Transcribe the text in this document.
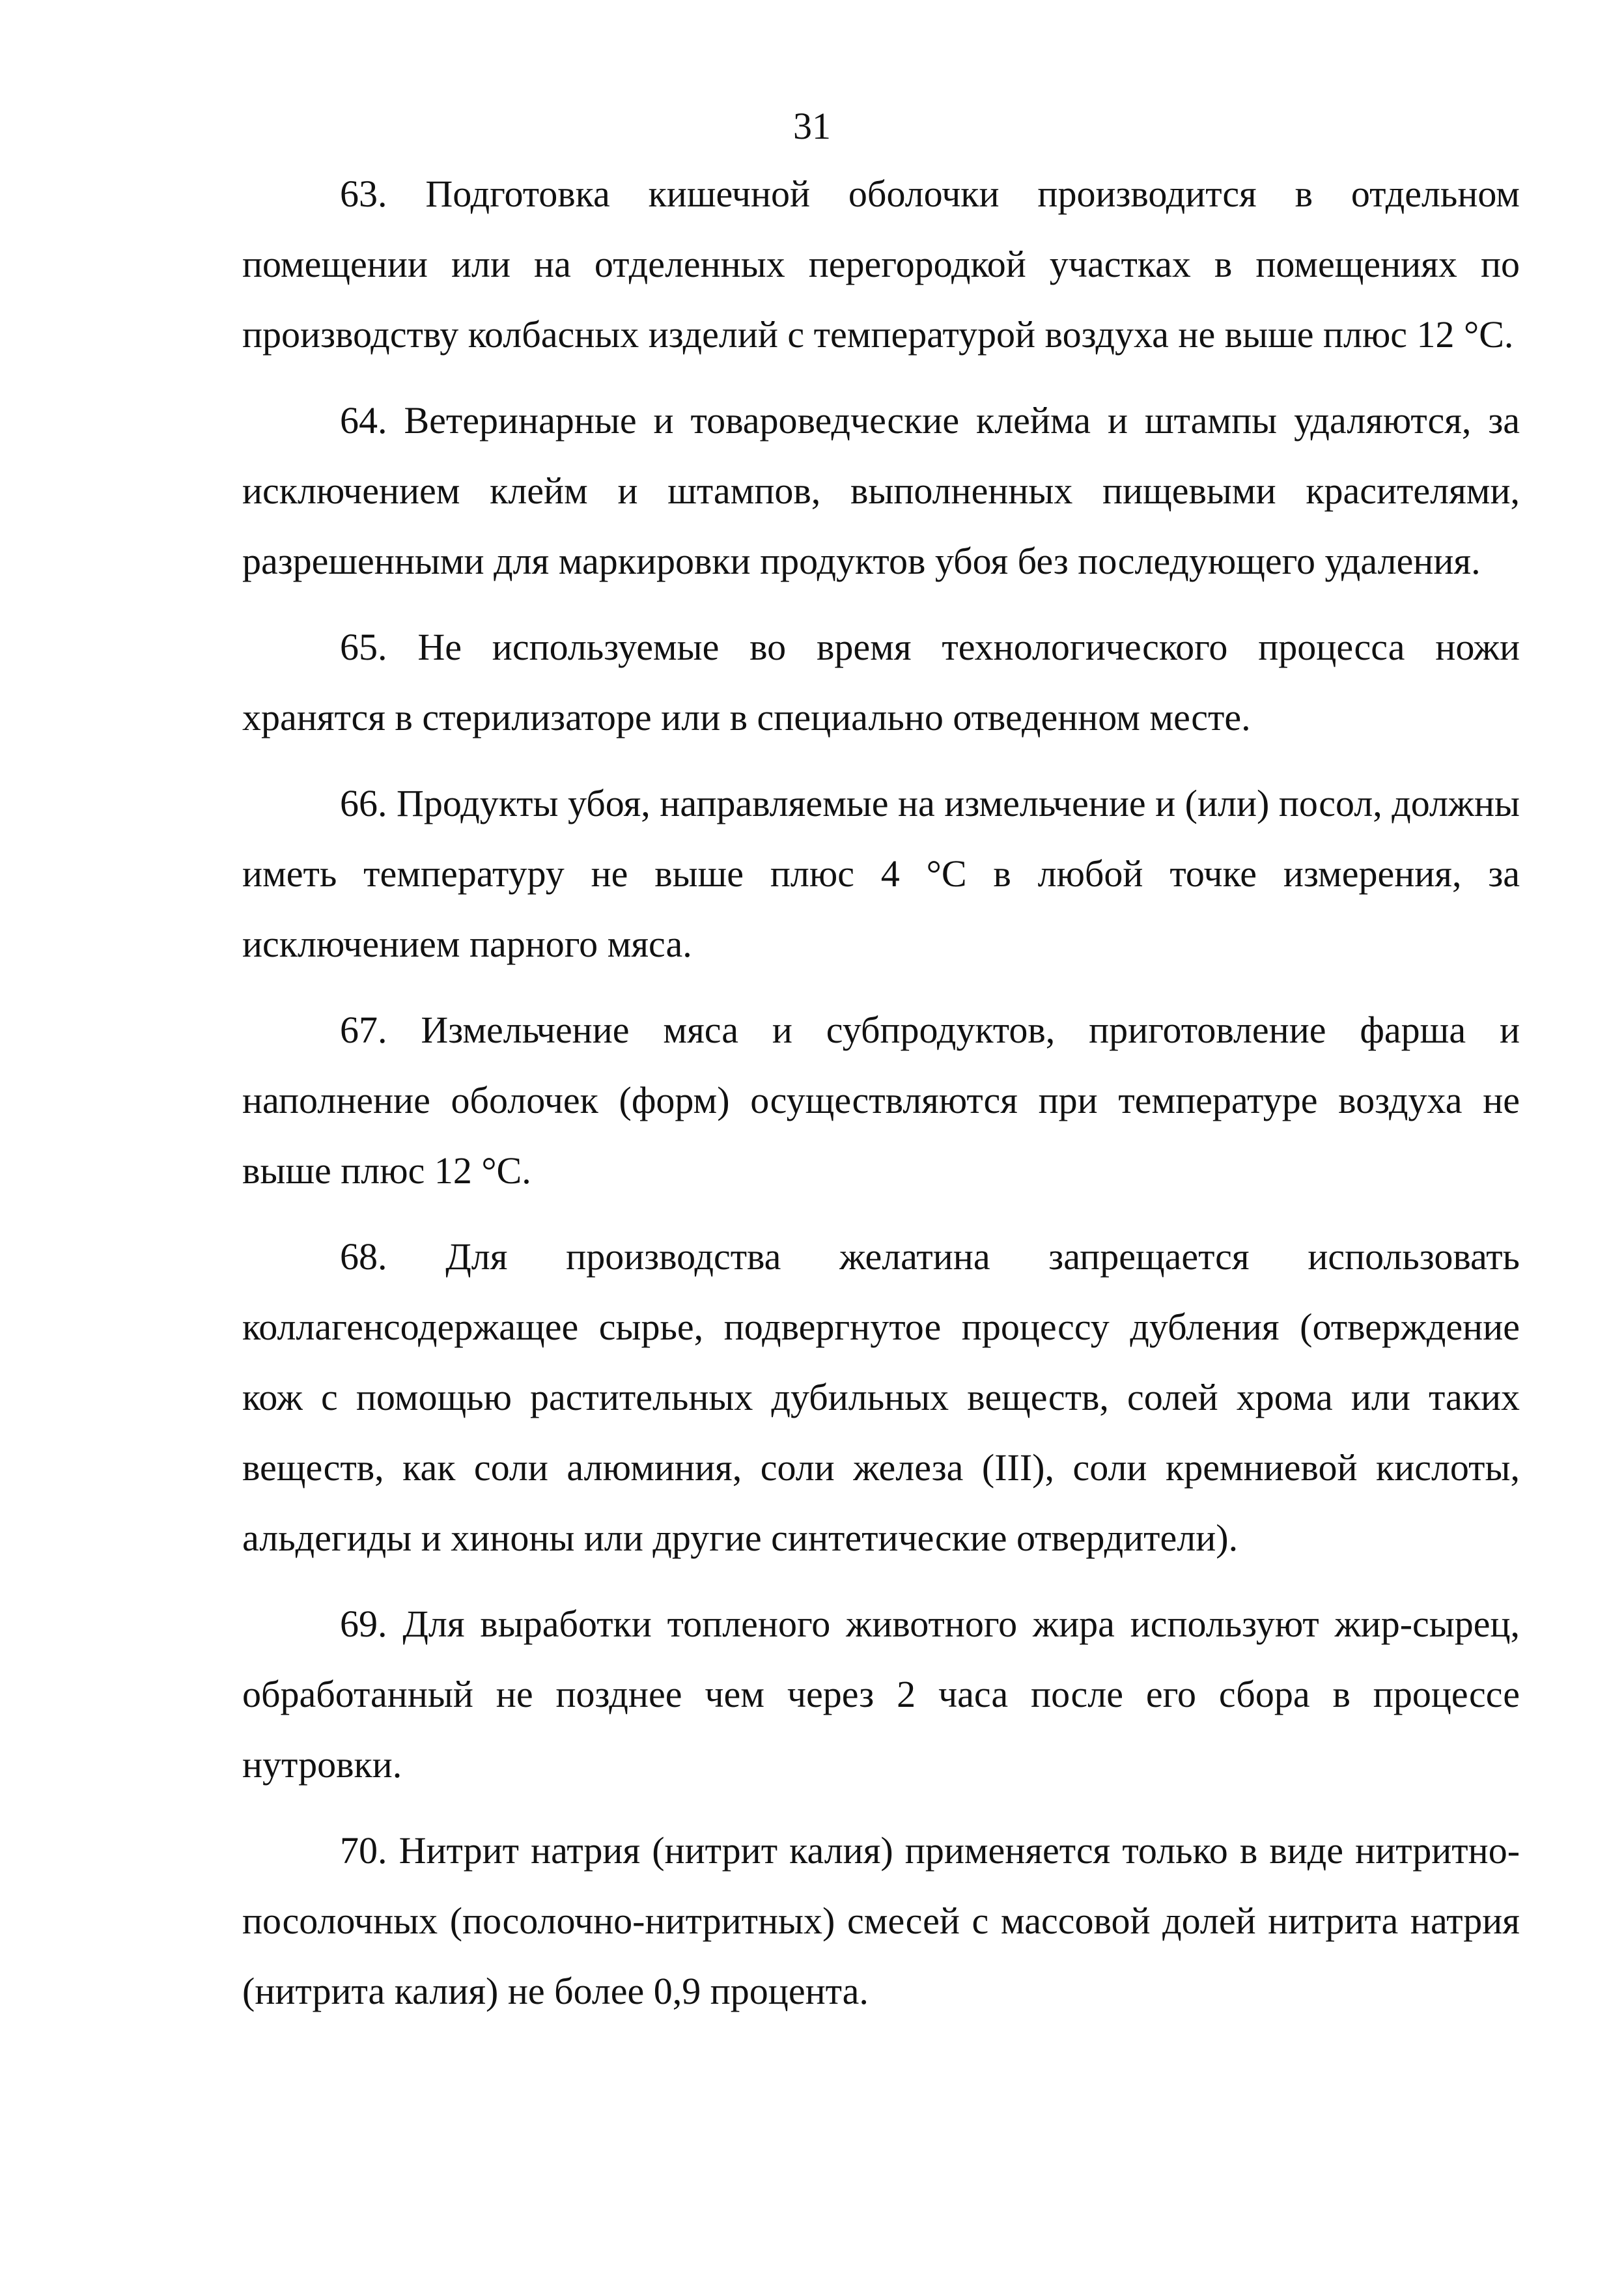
31

63. Подготовка кишечной оболочки производится в отдельном помещении или на отделенных перегородкой участках в помещениях по производству колбасных изделий с температурой воздуха не выше плюс 12 °С.

64. Ветеринарные и товароведческие клейма и штампы удаляются, за исключением клейм и штампов, выполненных пищевыми красителями, разрешенными для маркировки продуктов убоя без последующего удаления.

65. Не используемые во время технологического процесса ножи хранятся в стерилизаторе или в специально отведенном месте.

66. Продукты убоя, направляемые на измельчение и (или) посол, должны иметь температуру не выше плюс 4 °С в любой точке измерения, за исключением парного мяса.

67. Измельчение мяса и субпродуктов, приготовление фарша и наполнение оболочек (форм) осуществляются при температуре воздуха не выше плюс 12 °С.

68. Для производства желатина запрещается использовать коллагенсодержащее сырье, подвергнутое процессу дубления (отверждение кож с помощью растительных дубильных веществ, солей хрома или таких веществ, как соли алюминия, соли железа (III), соли кремниевой кислоты, альдегиды и хиноны или другие синтетические отвердители).

69. Для выработки топленого животного жира используют жир-сырец, обработанный не позднее чем через 2 часа после его сбора в процессе нутровки.

70. Нитрит натрия (нитрит калия) применяется только в виде нитритно-посолочных (посолочно-нитритных) смесей с массовой долей нитрита натрия (нитрита калия) не более 0,9 процента.
